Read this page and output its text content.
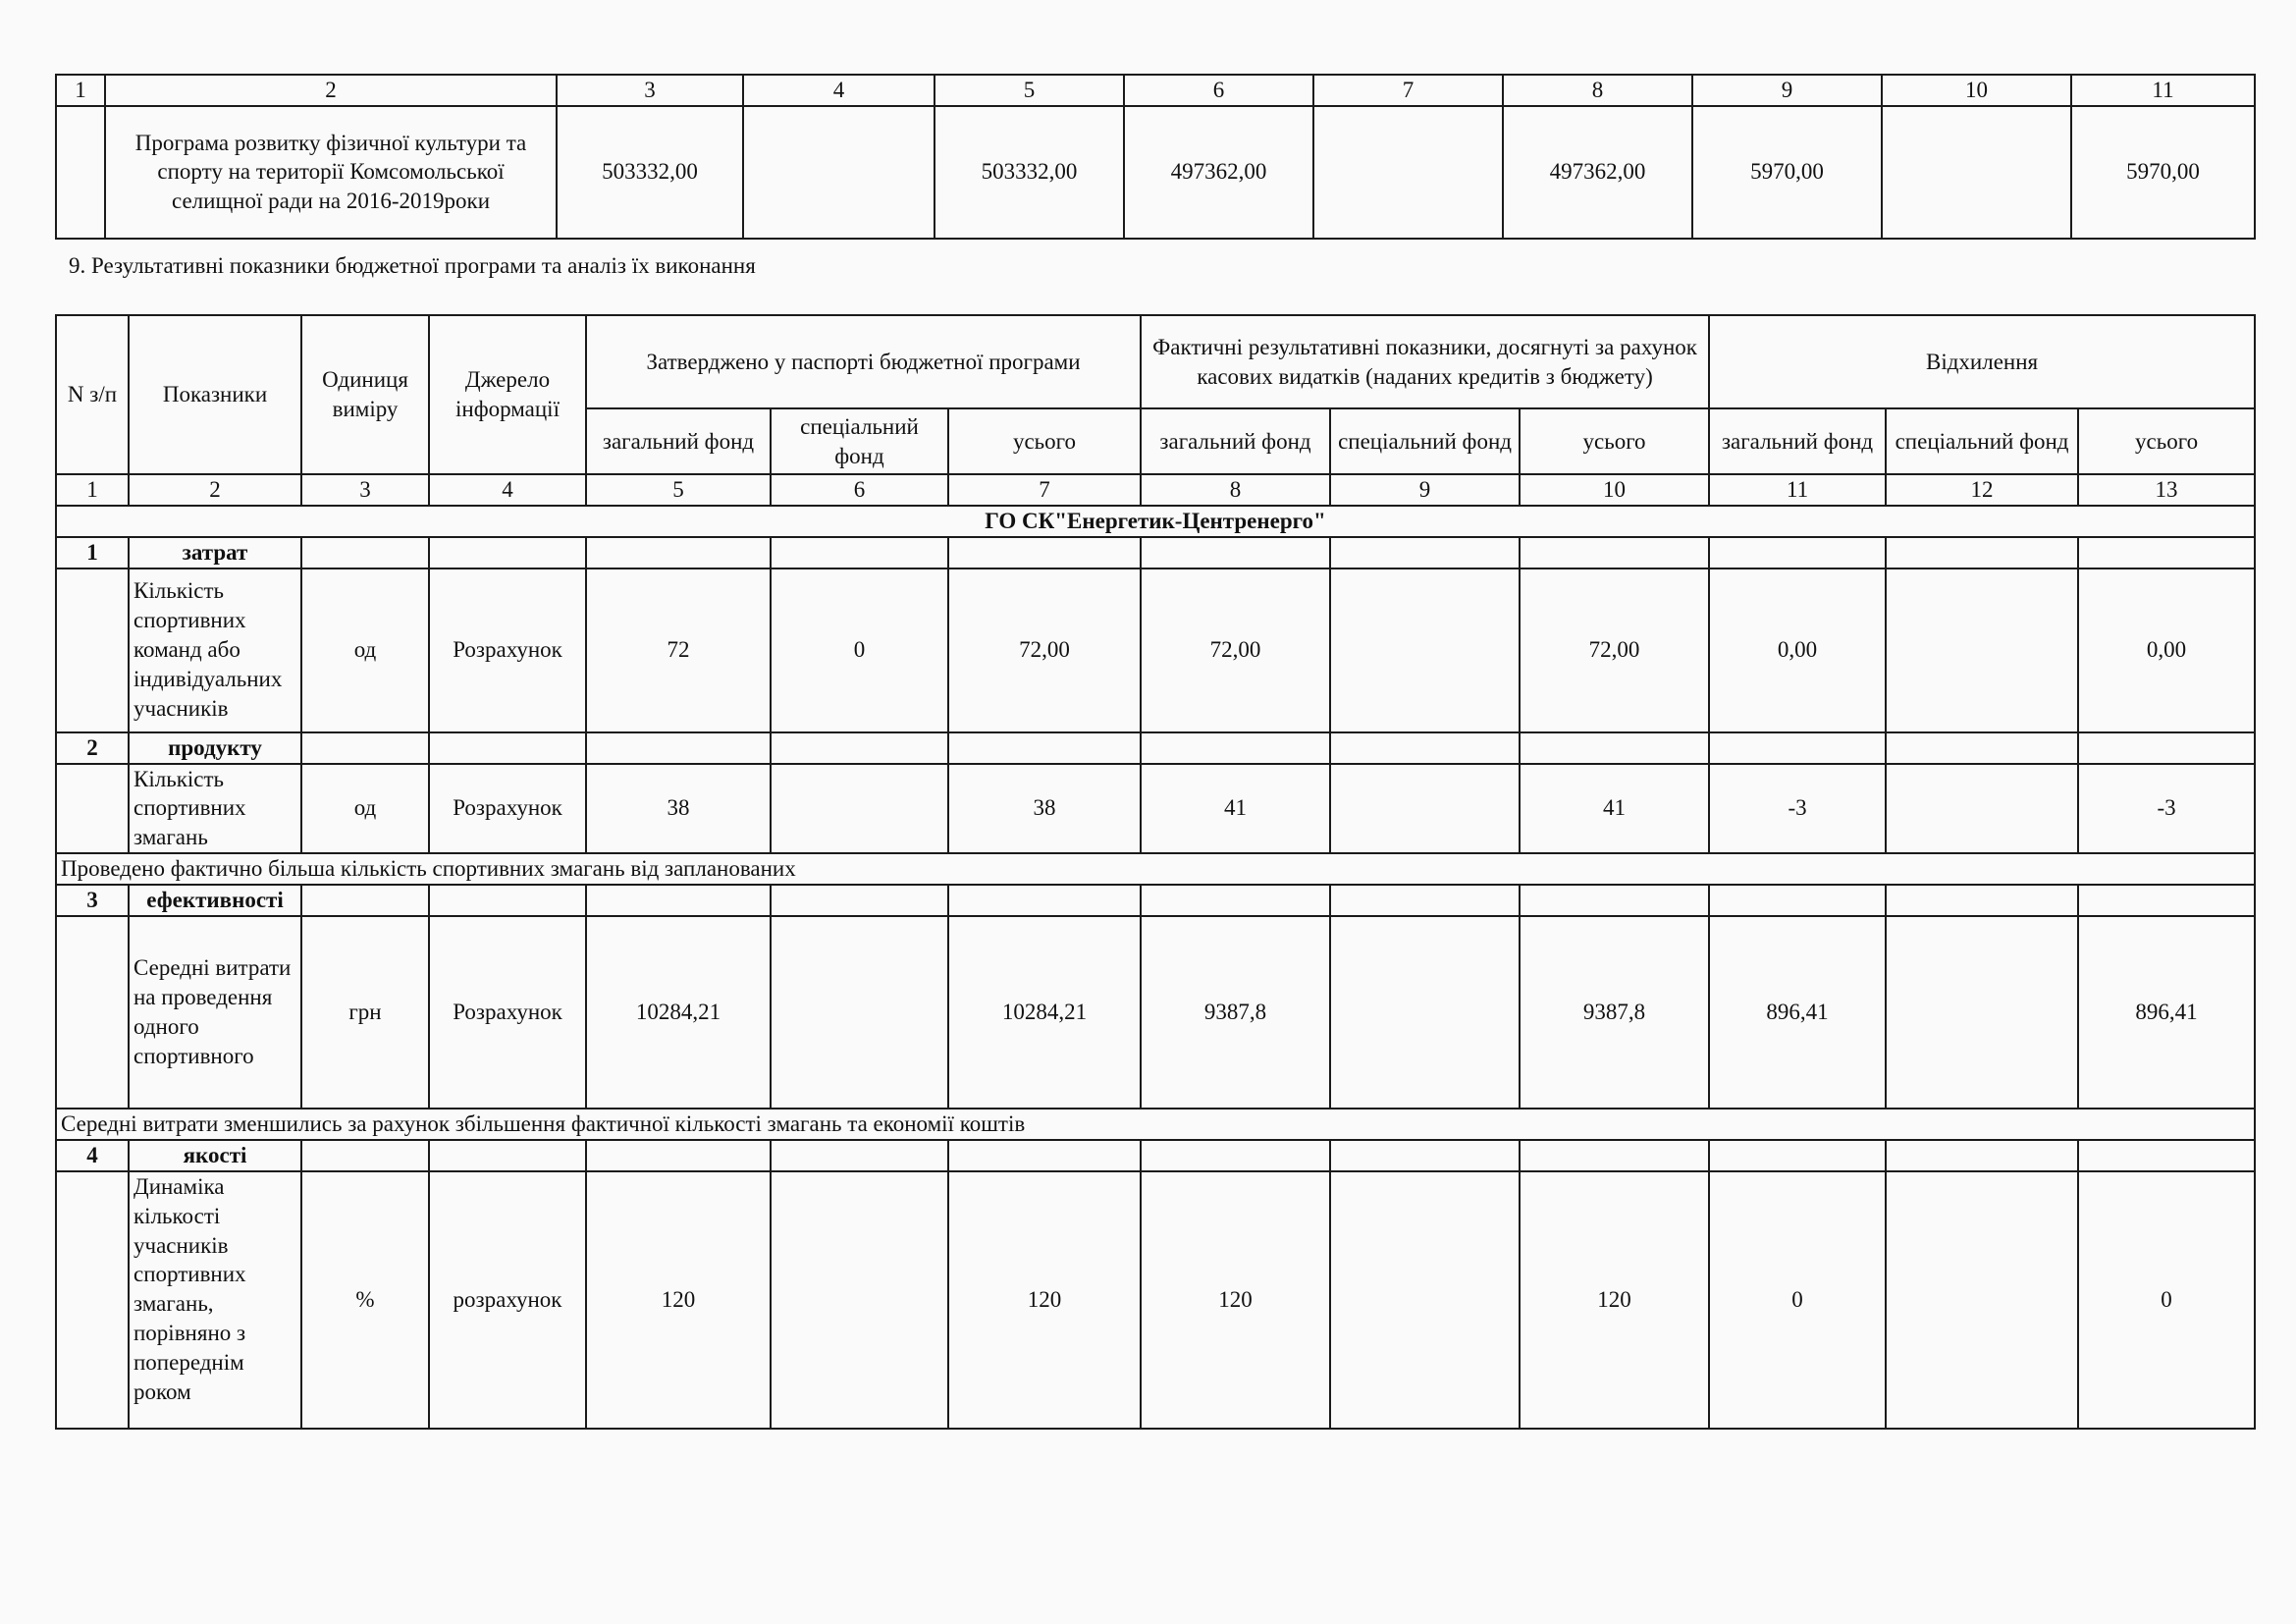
1	2	3	4	5	6	7	8	9	10	11
	Програма розвитку фізичної культури та спорту на території Комсомольської селищної ради на 2016-2019роки	503332,00		503332,00	497362,00		497362,00	5970,00		5970,00

9. Результативні показники бюджетної програми та аналіз їх виконання

N з/п	Показники	Одиниця виміру	Джерело інформації	Затверджено у паспорті бюджетної програми			Фактичні результативні показники, досягнуті за рахунок касових видатків (наданих кредитів з бюджету)			Відхилення		
				загальний фонд	спеціальний фонд	усього	загальний фонд	спеціальний фонд	усього	загальний фонд	спеціальний фонд	усього
1	2	3	4	5	6	7	8	9	10	11	12	13
ГО СК"Енергетик-Центренерго"												
1	затрат											
	Кількість спортивних команд або індивідуальних учасників	од	Розрахунок	72	0	72,00	72,00		72,00	0,00		0,00
2	продукту											
	Кількість спортивних змагань	од	Розрахунок	38		38	41		41	-3		-3
Проведено фактично більша кількість спортивних змагань від запланованих												
3	ефективності											
	Середні витрати на проведення одного спортивного	грн	Розрахунок	10284,21		10284,21	9387,8		9387,8	896,41		896,41
Середні витрати зменшились за рахунок збільшення фактичної кількості змагань та економії коштів												
4	якості											
	Динаміка кількості учасників спортивних змагань, порівняно з попереднім роком	%	розрахунок	120		120	120		120	0		0
